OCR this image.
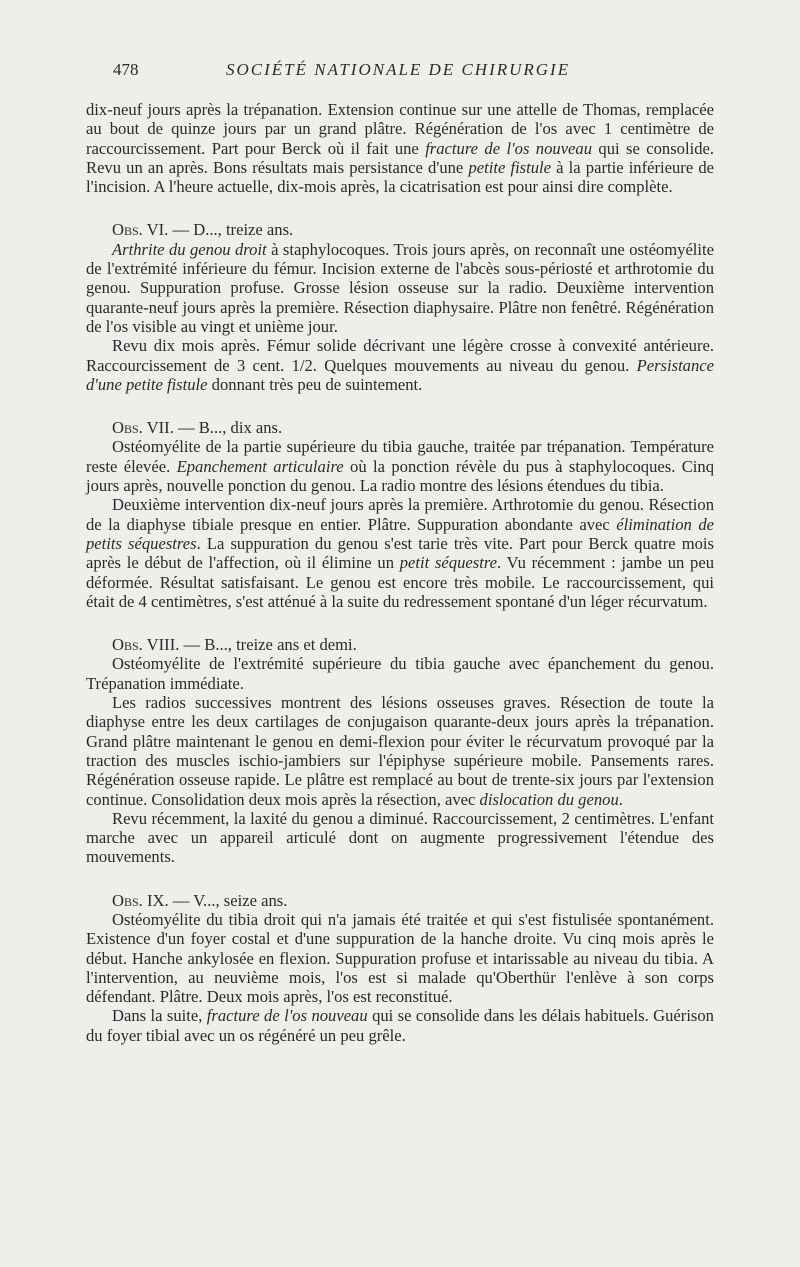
478	SOCIÉTÉ NATIONALE DE CHIRURGIE

dix-neuf jours après la trépanation. Extension continue sur une attelle de Thomas, remplacée au bout de quinze jours par un grand plâtre. Régénération de l'os avec 1 centimètre de raccourcissement. Part pour Berck où il fait une fracture de l'os nouveau qui se consolide. Revu un an après. Bons résultats mais persistance d'une petite fistule à la partie inférieure de l'incision. A l'heure actuelle, dix-mois après, la cicatrisation est pour ainsi dire complète.

Obs. VI. — D..., treize ans.

Arthrite du genou droit à staphylocoques. Trois jours après, on reconnaît une ostéomyélite de l'extrémité inférieure du fémur. Incision externe de l'abcès sous-périosté et arthrotomie du genou. Suppuration profuse. Grosse lésion osseuse sur la radio. Deuxième intervention quarante-neuf jours après la première. Résection diaphysaire. Plâtre non fenêtré. Régénération de l'os visible au vingt et unième jour.

Revu dix mois après. Fémur solide décrivant une légère crosse à convexité antérieure. Raccourcissement de 3 cent. 1/2. Quelques mouvements au niveau du genou. Persistance d'une petite fistule donnant très peu de suintement.

Obs. VII. — B..., dix ans.

Ostéomyélite de la partie supérieure du tibia gauche, traitée par trépanation. Température reste élevée. Epanchement articulaire où la ponction révèle du pus à staphylocoques. Cinq jours après, nouvelle ponction du genou. La radio montre des lésions étendues du tibia.

Deuxième intervention dix-neuf jours après la première. Arthrotomie du genou. Résection de la diaphyse tibiale presque en entier. Plâtre. Suppuration abondante avec élimination de petits séquestres. La suppuration du genou s'est tarie très vite. Part pour Berck quatre mois après le début de l'affection, où il élimine un petit séquestre. Vu récemment : jambe un peu déformée. Résultat satisfaisant. Le genou est encore très mobile. Le raccourcissement, qui était de 4 centimètres, s'est atténué à la suite du redressement spontané d'un léger récurvatum.

Obs. VIII. — B..., treize ans et demi.

Ostéomyélite de l'extrémité supérieure du tibia gauche avec épanchement du genou. Trépanation immédiate.

Les radios successives montrent des lésions osseuses graves. Résection de toute la diaphyse entre les deux cartilages de conjugaison quarante-deux jours après la trépanation. Grand plâtre maintenant le genou en demi-flexion pour éviter le récurvatum provoqué par la traction des muscles ischio-jambiers sur l'épiphyse supérieure mobile. Pansements rares. Régénération osseuse rapide. Le plâtre est remplacé au bout de trente-six jours par l'extension continue. Consolidation deux mois après la résection, avec dislocation du genou.

Revu récemment, la laxité du genou a diminué. Raccourcissement, 2 centimètres. L'enfant marche avec un appareil articulé dont on augmente progressivement l'étendue des mouvements.

Obs. IX. — V..., seize ans.

Ostéomyélite du tibia droit qui n'a jamais été traitée et qui s'est fistulisée spontanément. Existence d'un foyer costal et d'une suppuration de la hanche droite. Vu cinq mois après le début. Hanche ankylosée en flexion. Suppuration profuse et intarissable au niveau du tibia. A l'intervention, au neuvième mois, l'os est si malade qu'Oberthür l'enlève à son corps défendant. Plâtre. Deux mois après, l'os est reconstitué.

Dans la suite, fracture de l'os nouveau qui se consolide dans les délais habituels. Guérison du foyer tibial avec un os régénéré un peu grêle.
